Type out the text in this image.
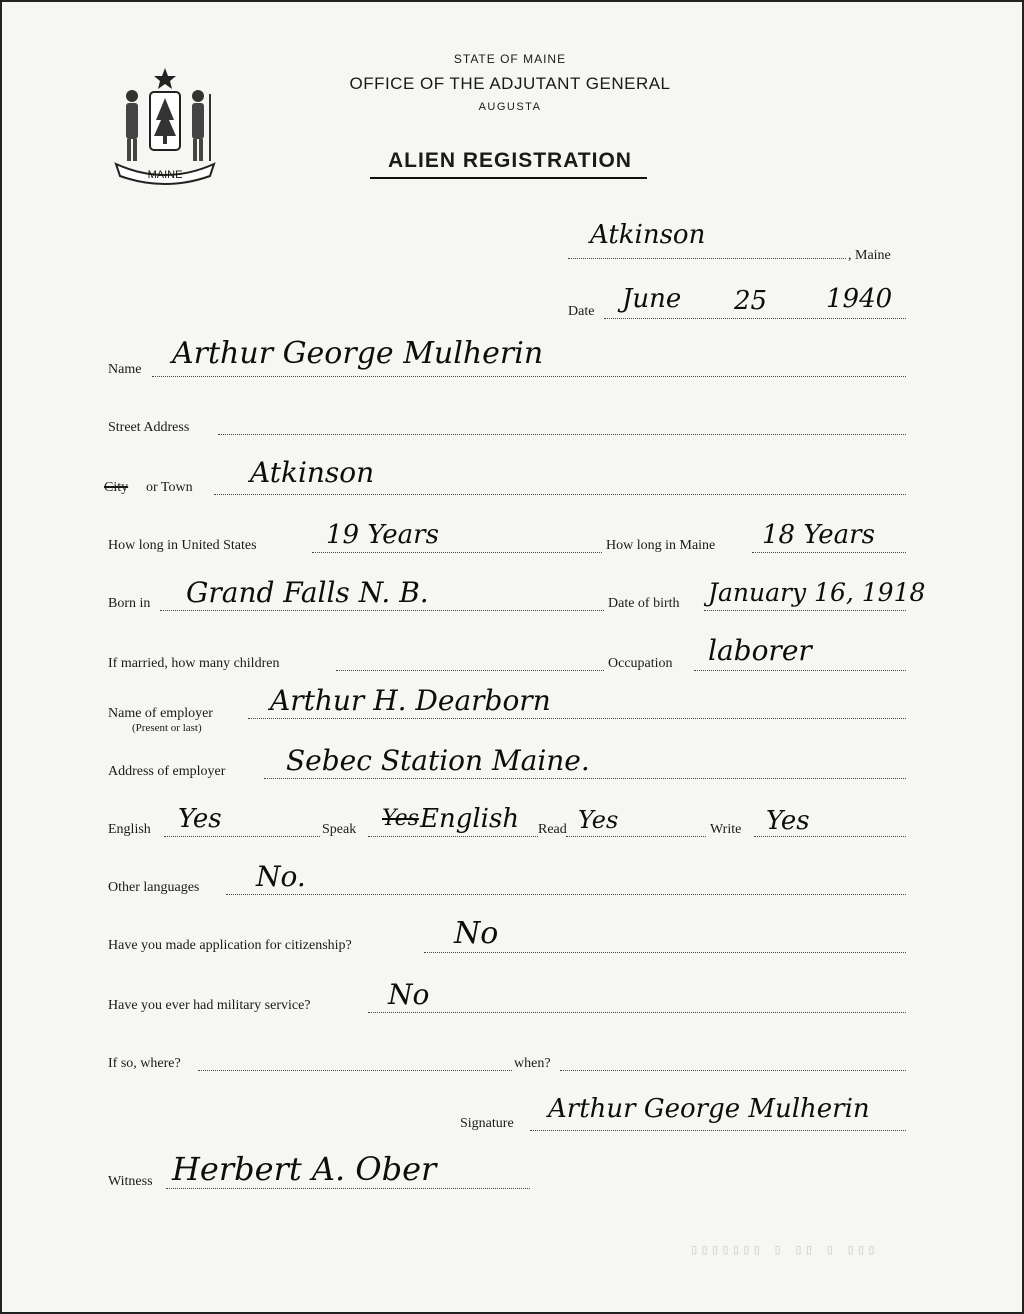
MAINE
STATE OF MAINE
OFFICE OF THE ADJUTANT GENERAL
AUGUSTA
ALIEN REGISTRATION
Atkinson
, Maine
Date June 25 1940
Name Arthur George Mulherin
Street Address
City or Town Atkinson
How long in United States	19 Years	How long in Maine 18 Years
Born in Grand Falls N. B.	Date of birth January 16, 1918
If married, how many children	Occupation laborer
Name of employer
(Present or last)
Arthur H. Dearborn
Address of employer Sebec Station Maine.
English Yes	Speak Yes English Read Yes	Write Yes
Other languages No.
Have you made application for citizenship?	No
Have you ever had military service?	No
If so, where?	when?
Signature Arthur George Mulherin
Witness Herbert A. Ober
▯▯▯▯▯▯▯ ▯ ▯▯ ▯ ▯▯▯
